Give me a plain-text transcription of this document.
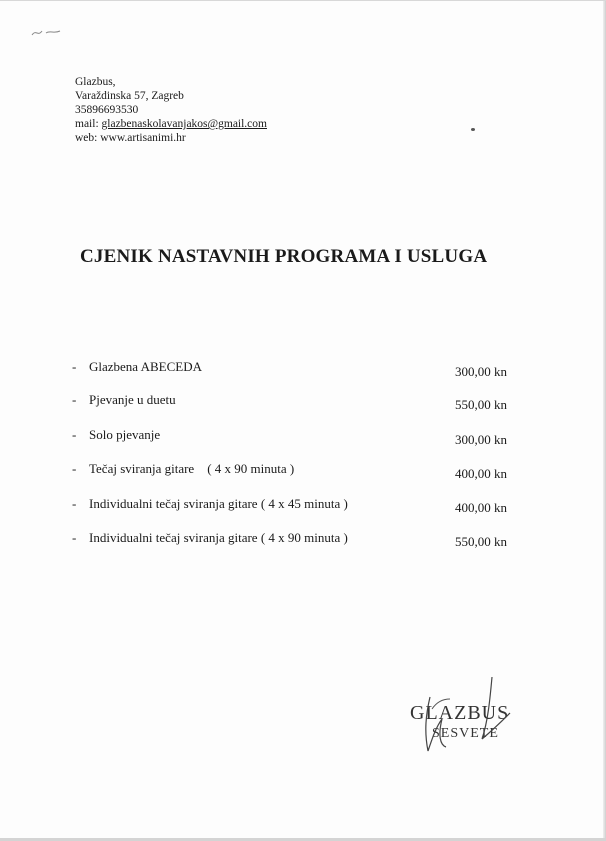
Glazbus,
Varaždinska 57, Zagreb
35896693530
mail: glazbenaskolavanjakos@gmail.com
web: www.artisanimi.hr
CJENIK NASTAVNIH PROGRAMA I USLUGA
- Glazbena ABECEDA	300,00 kn
- Pjevanje u duetu	550,00 kn
- Solo pjevanje	300,00 kn
- Tečaj sviranja gitare    ( 4 x 90 minuta )	400,00 kn
- Individualni tečaj sviranja gitare ( 4 x 45 minuta )	400,00 kn
- Individualni tečaj sviranja gitare ( 4 x 90 minuta )	550,00 kn
GLAZBUS
SESVETE
